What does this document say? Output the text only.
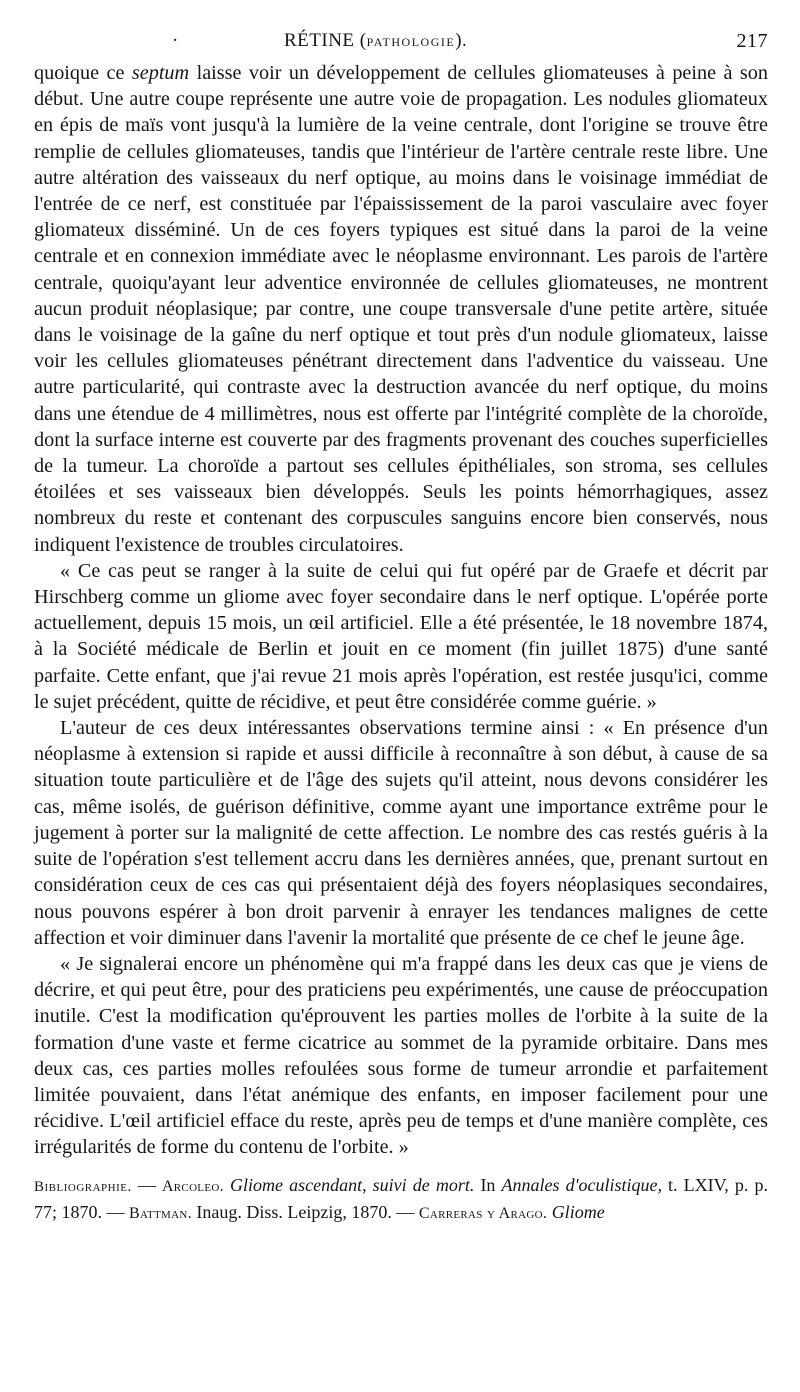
·	RÉTINE (PATHOLOGIE).	217

quoique ce septum laisse voir un développement de cellules gliomateuses à peine à son début. Une autre coupe représente une autre voie de propagation. Les nodules gliomateux en épis de maïs vont jusqu'à la lumière de la veine centrale, dont l'origine se trouve être remplie de cellules gliomateuses, tandis que l'intérieur de l'artère centrale reste libre. Une autre altération des vaisseaux du nerf optique, au moins dans le voisinage immédiat de l'entrée de ce nerf, est constituée par l'épaississement de la paroi vasculaire avec foyer gliomateux disséminé. Un de ces foyers typiques est situé dans la paroi de la veine centrale et en connexion immédiate avec le néoplasme environnant. Les parois de l'artère centrale, quoiqu'ayant leur adventice environnée de cellules gliomateuses, ne montrent aucun produit néoplasique; par contre, une coupe transversale d'une petite artère, située dans le voisinage de la gaîne du nerf optique et tout près d'un nodule gliomateux, laisse voir les cellules gliomateuses pénétrant directement dans l'adventice du vaisseau. Une autre particularité, qui contraste avec la destruction avancée du nerf optique, du moins dans une étendue de 4 millimètres, nous est offerte par l'intégrité complète de la choroïde, dont la surface interne est couverte par des fragments provenant des couches superficielles de la tumeur. La choroïde a partout ses cellules épithéliales, son stroma, ses cellules étoilées et ses vaisseaux bien développés. Seuls les points hémorrhagiques, assez nombreux du reste et contenant des corpuscules sanguins encore bien conservés, nous indiquent l'existence de troubles circulatoires.

« Ce cas peut se ranger à la suite de celui qui fut opéré par de Graefe et décrit par Hirschberg comme un gliome avec foyer secondaire dans le nerf optique. L'opérée porte actuellement, depuis 15 mois, un œil artificiel. Elle a été présentée, le 18 novembre 1874, à la Société médicale de Berlin et jouit en ce moment (fin juillet 1875) d'une santé parfaite. Cette enfant, que j'ai revue 21 mois après l'opération, est restée jusqu'ici, comme le sujet précédent, quitte de récidive, et peut être considérée comme guérie. »

L'auteur de ces deux intéressantes observations termine ainsi : « En présence d'un néoplasme à extension si rapide et aussi difficile à reconnaître à son début, à cause de sa situation toute particulière et de l'âge des sujets qu'il atteint, nous devons considérer les cas, même isolés, de guérison définitive, comme ayant une importance extrême pour le jugement à porter sur la malignité de cette affection. Le nombre des cas restés guéris à la suite de l'opération s'est tellement accru dans les dernières années, que, prenant surtout en considération ceux de ces cas qui présentaient déjà des foyers néoplasiques secondaires, nous pouvons espérer à bon droit parvenir à enrayer les tendances malignes de cette affection et voir diminuer dans l'avenir la mortalité que présente de ce chef le jeune âge.

« Je signalerai encore un phénomène qui m'a frappé dans les deux cas que je viens de décrire, et qui peut être, pour des praticiens peu expérimentés, une cause de préoccupation inutile. C'est la modification qu'éprouvent les parties molles de l'orbite à la suite de la formation d'une vaste et ferme cicatrice au sommet de la pyramide orbitaire. Dans mes deux cas, ces parties molles refoulées sous forme de tumeur arrondie et parfaitement limitée pouvaient, dans l'état anémique des enfants, en imposer facilement pour une récidive. L'œil artificiel efface du reste, après peu de temps et d'une manière complète, ces irrégularités de forme du contenu de l'orbite. »

Bibliographie. — Arcoleo. Gliome ascendant, suivi de mort. In Annales d'oculistique, t. LXIV, p. p. 77; 1870. — Battman. Inaug. Diss. Leipzig, 1870. — Carreras y Arago. Gliome
